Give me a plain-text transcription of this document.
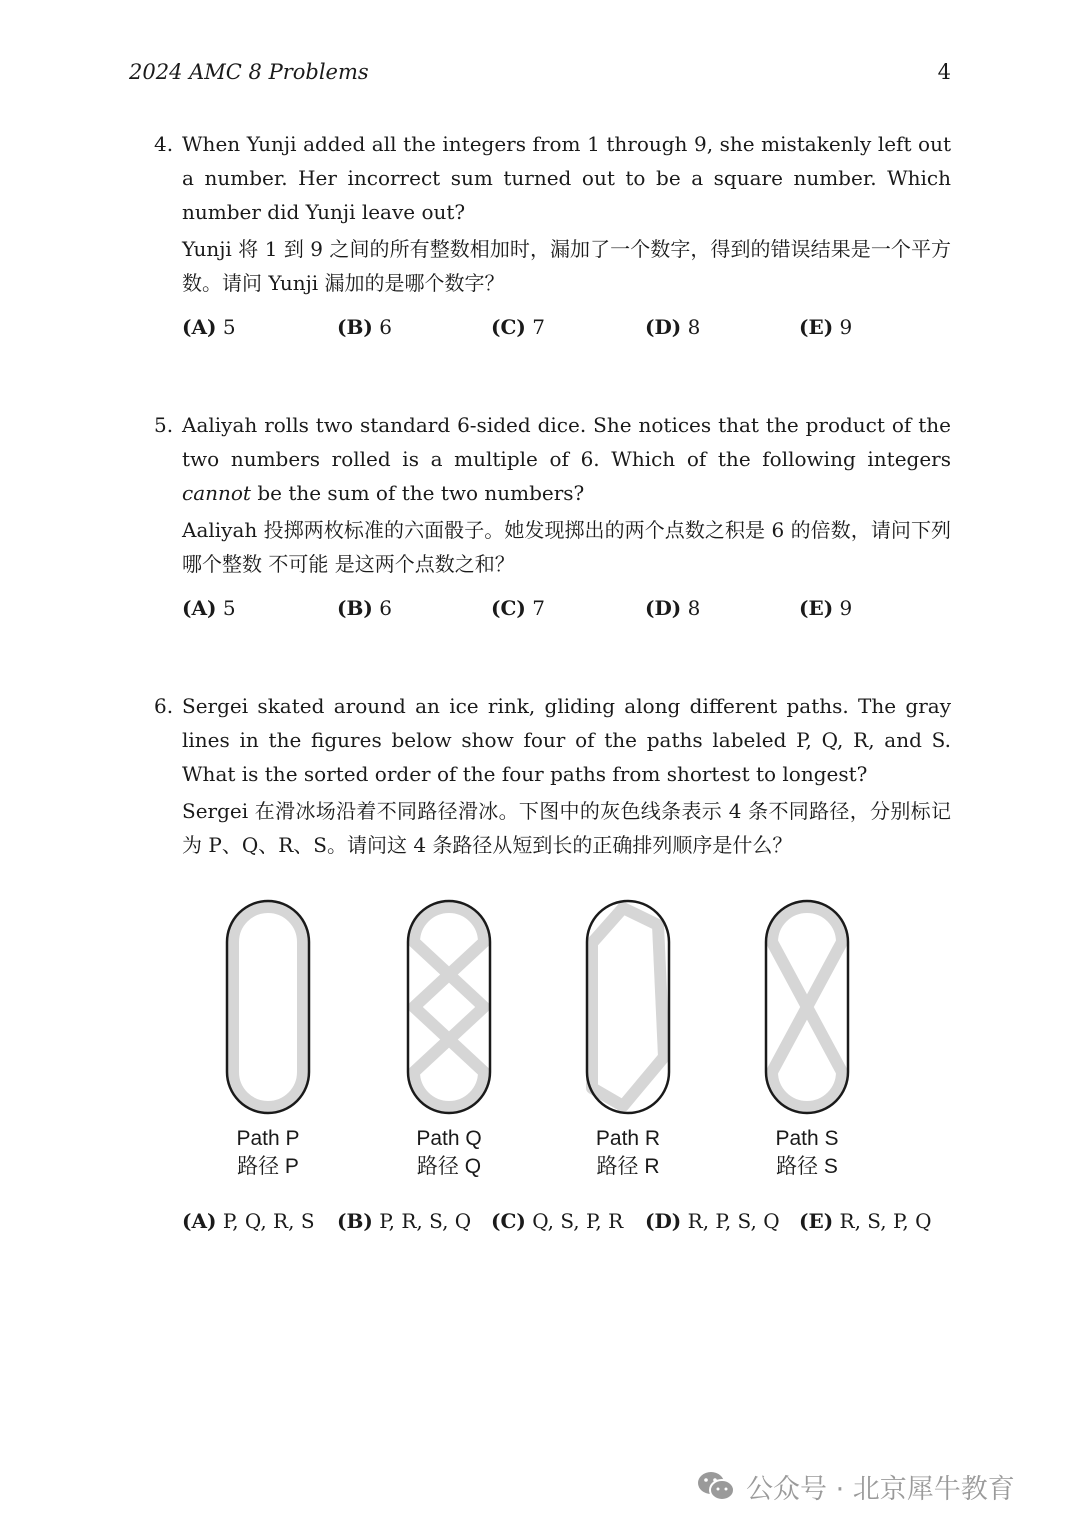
2024 AMC 8 Problems	4
4. When Yunji added all the integers from 1 through 9, she mistakenly left out a number. Her incorrect sum turned out to be a square number. Which number did Yunji leave out?

Yunji 将 1 到 9 之间的所有整数相加时，漏加了一个数字，得到的错误结果是一个平方数。请问 Yunji 漏加的是哪个数字？

(A) 5	(B) 6	(C) 7	(D) 8	(E) 9
5. Aaliyah rolls two standard 6-sided dice. She notices that the product of the two numbers rolled is a multiple of 6. Which of the following integers cannot be the sum of the two numbers?

Aaliyah 投掷两枚标准的六面骰子。她发现掷出的两个点数之积是 6 的倍数，请问下列哪个整数 不可能 是这两个点数之和？

(A) 5	(B) 6	(C) 7	(D) 8	(E) 9
6. Sergei skated around an ice rink, gliding along different paths. The gray lines in the figures below show four of the paths labeled P, Q, R, and S. What is the sorted order of the four paths from shortest to longest?

Sergei 在滑冰场沿着不同路径滑冰。下图中的灰色线条表示 4 条不同路径，分别标记为 P、Q、R、S。请问这 4 条路径从短到长的正确排列顺序是什么？

Path P
路径 P
Path Q
路径 Q
Path R
路径 R
Path S
路径 S
(A) P, Q, R, S (B) P, R, S, Q (C) Q, S, P, R (D) R, P, S, Q (E) R, S, P, Q
公众号 · 北京犀牛教育
